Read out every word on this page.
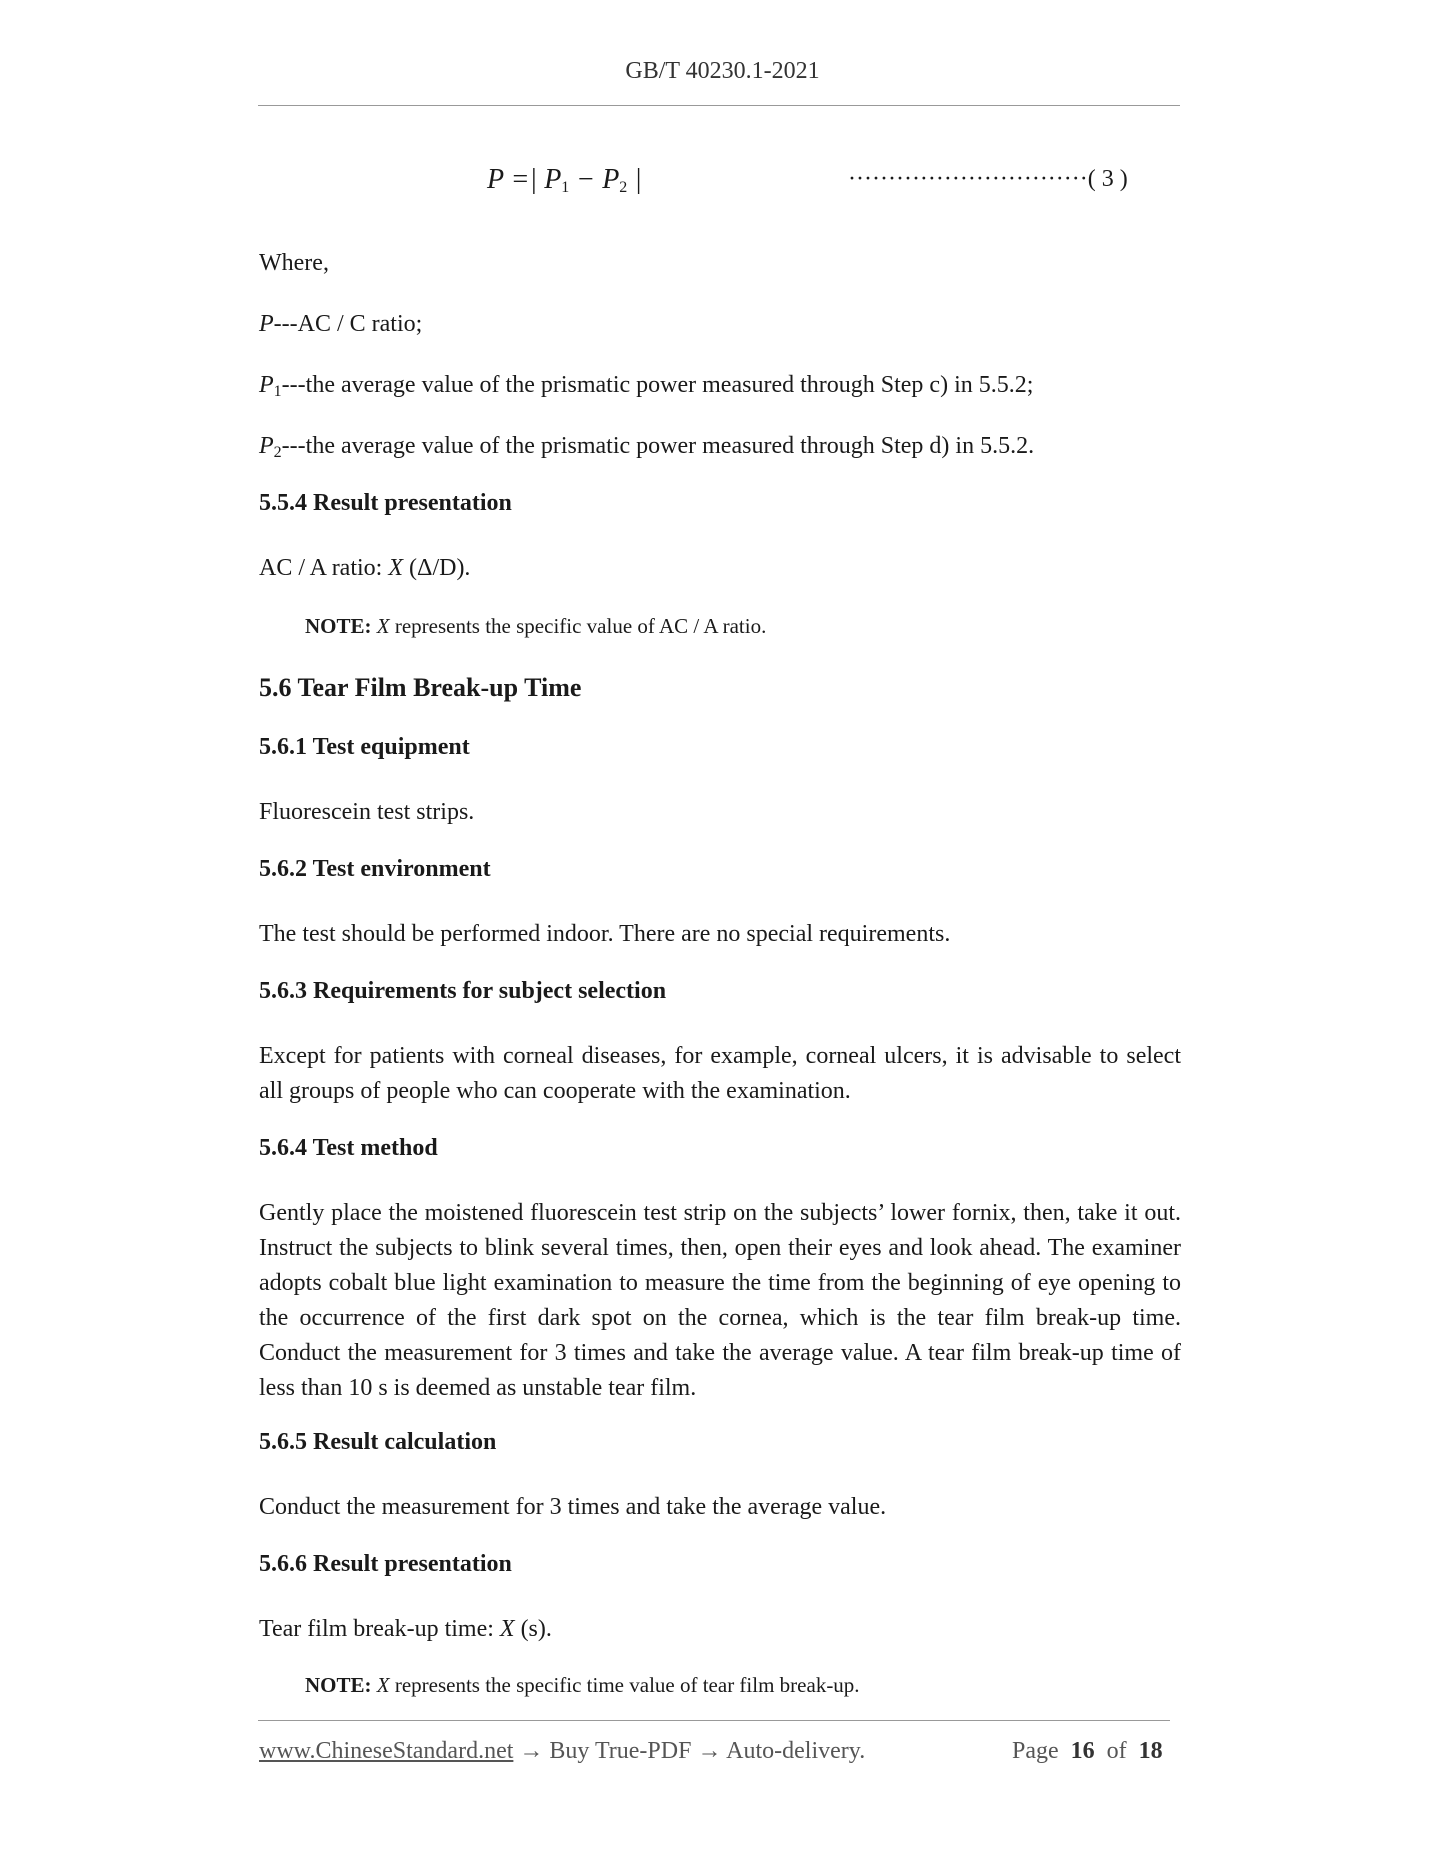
GB/T 40230.1-2021
P =| $P_1 - P_2$ |	······························( 3 )
Where,
P---AC / C ratio;
P1---the average value of the prismatic power measured through Step c) in 5.5.2;
P2---the average value of the prismatic power measured through Step d) in 5.5.2.
5.5.4 Result presentation
AC / A ratio: X (Δ/D).
NOTE: X represents the specific value of AC / A ratio.
5.6 Tear Film Break-up Time
5.6.1 Test equipment
Fluorescein test strips.
5.6.2 Test environment
The test should be performed indoor. There are no special requirements.
5.6.3 Requirements for subject selection
Except for patients with corneal diseases, for example, corneal ulcers, it is advisable to select all groups of people who can cooperate with the examination.
5.6.4 Test method
Gently place the moistened fluorescein test strip on the subjects’ lower fornix, then, take it out. Instruct the subjects to blink several times, then, open their eyes and look ahead. The examiner adopts cobalt blue light examination to measure the time from the beginning of eye opening to the occurrence of the first dark spot on the cornea, which is the tear film break-up time. Conduct the measurement for 3 times and take the average value. A tear film break-up time of less than 10 s is deemed as unstable tear film.
5.6.5 Result calculation
Conduct the measurement for 3 times and take the average value.
5.6.6 Result presentation
Tear film break-up time: X (s).
NOTE: X represents the specific time value of tear film break-up.
www.ChineseStandard.net → Buy True-PDF → Auto-delivery.	Page 16 of 18
